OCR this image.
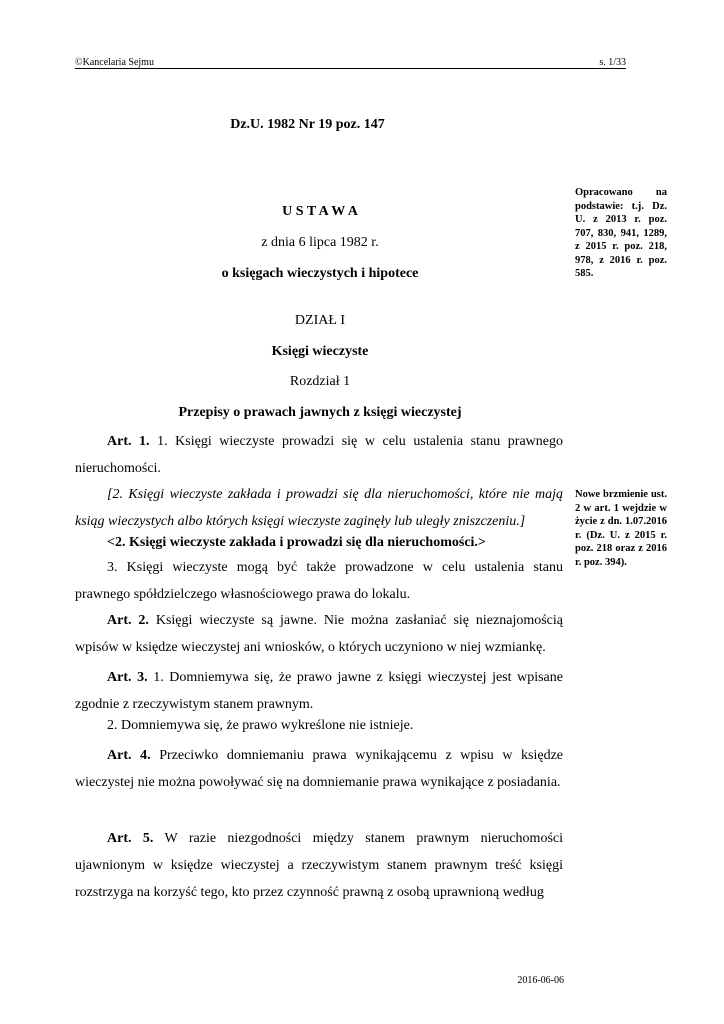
©Kancelaria Sejmu	s. 1/33
Dz.U. 1982 Nr 19 poz. 147
U S T A W A
z dnia 6 lipca 1982 r.
o księgach wieczystych i hipotece
DZIAŁ I
Księgi wieczyste
Rozdział 1
Przepisy o prawach jawnych z księgi wieczystej
Opracowano na podstawie: t.j. Dz. U. z 2013 r. poz. 707, 830, 941, 1289, z 2015 r. poz. 218, 978, z 2016 r. poz. 585.
Nowe brzmienie ust. 2 w art. 1 wejdzie w życie z dn. 1.07.2016 r. (Dz. U. z 2015 r. poz. 218 oraz z 2016 r. poz. 394).
Art. 1. 1. Księgi wieczyste prowadzi się w celu ustalenia stanu prawnego nieruchomości.
[2. Księgi wieczyste zakłada i prowadzi się dla nieruchomości, które nie mają ksiąg wieczystych albo których księgi wieczyste zaginęły lub uległy zniszczeniu.]
<2. Księgi wieczyste zakłada i prowadzi się dla nieruchomości.>
3. Księgi wieczyste mogą być także prowadzone w celu ustalenia stanu prawnego spółdzielczego własnościowego prawa do lokalu.
Art. 2. Księgi wieczyste są jawne. Nie można zasłaniać się nieznajomością wpisów w księdze wieczystej ani wniosków, o których uczyniono w niej wzmiankę.
Art. 3. 1. Domniemywa się, że prawo jawne z księgi wieczystej jest wpisane zgodnie z rzeczywistym stanem prawnym.
2. Domniemywa się, że prawo wykreślone nie istnieje.
Art. 4. Przeciwko domniemaniu prawa wynikającemu z wpisu w księdze wieczystej nie można powoływać się na domniemanie prawa wynikające z posiadania.
Art. 5. W razie niezgodności między stanem prawnym nieruchomości ujawnionym w księdze wieczystej a rzeczywistym stanem prawnym treść księgi rozstrzyga na korzyść tego, kto przez czynność prawną z osobą uprawnioną według
2016-06-06
